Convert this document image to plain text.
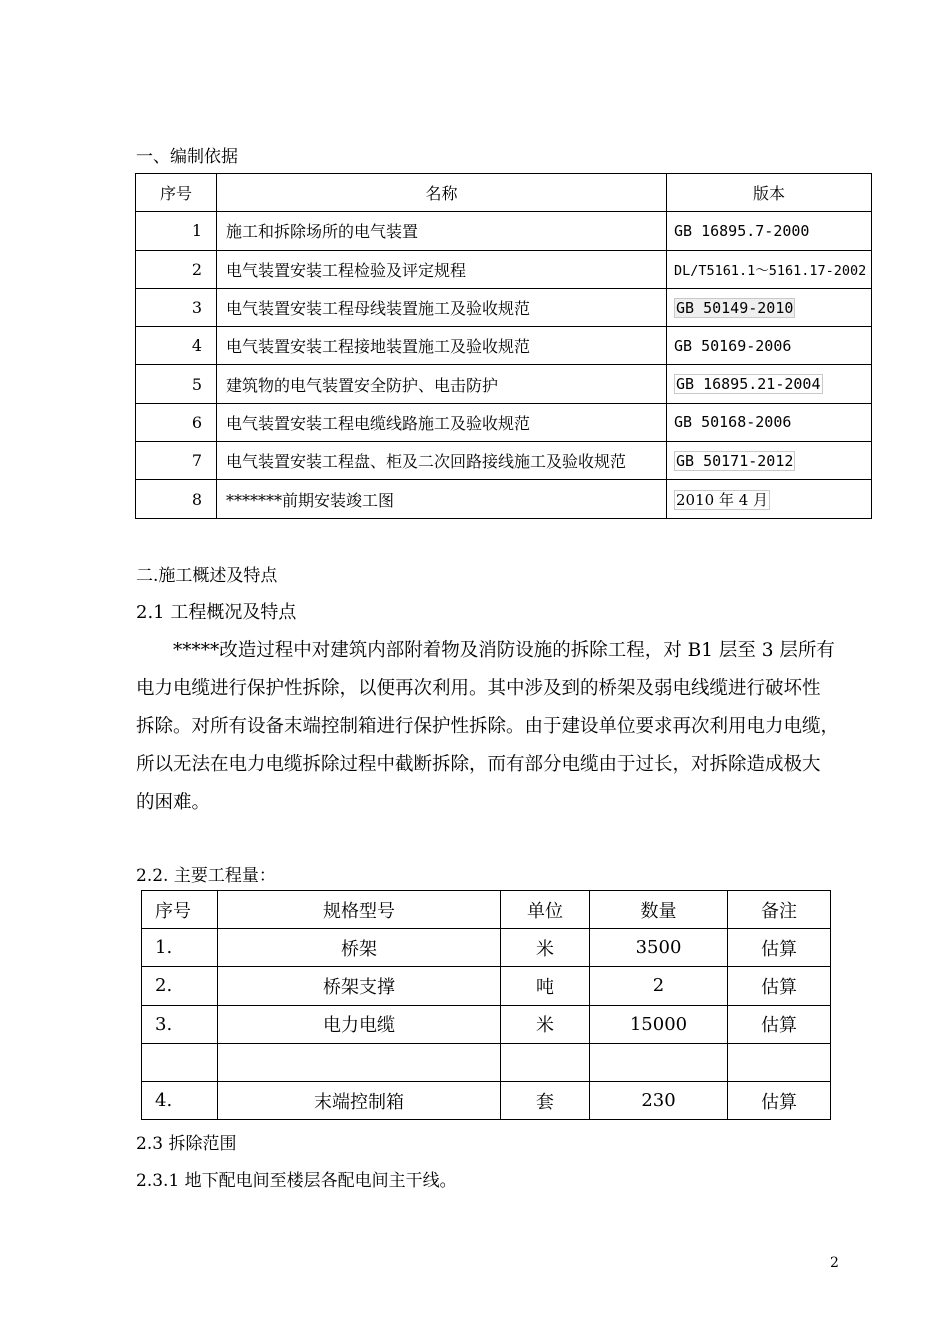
一、编制依据
序号	名称	版本
1	施工和拆除场所的电气装置	GB 16895.7-2000
2	电气装置安装工程检验及评定规程	DL/T5161.1～5161.17-2002
3	电气装置安装工程母线装置施工及验收规范	GB 50149-2010
4	电气装置安装工程接地装置施工及验收规范	GB 50169-2006
5	建筑物的电气装置安全防护、电击防护	GB 16895.21-2004
6	电气装置安装工程电缆线路施工及验收规范	GB 50168-2006
7	电气装置安装工程盘、柜及二次回路接线施工及验收规范	GB 50171-2012
8	*******前期安装竣工图	2010 年 4 月
二.施工概述及特点
2.1 工程概况及特点
*****改造过程中对建筑内部附着物及消防设施的拆除工程，对 B1 层至 3 层所有
电力电缆进行保护性拆除，以便再次利用。其中涉及到的桥架及弱电线缆进行破坏性
拆除。对所有设备末端控制箱进行保护性拆除。由于建设单位要求再次利用电力电缆，
所以无法在电力电缆拆除过程中截断拆除，而有部分电缆由于过长，对拆除造成极大
的困难。
2.2. 主要工程量：
序号	规格型号	单位	数量	备注
1.	桥架	米	3500	估算
2.	桥架支撑	吨	2	估算
3.	电力电缆	米	15000	估算

4.	末端控制箱	套	230	估算
2.3 拆除范围
2.3.1 地下配电间至楼层各配电间主干线。
2
